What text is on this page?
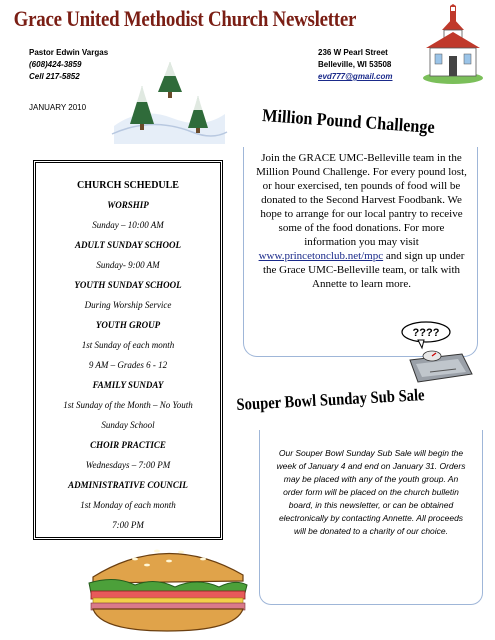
Grace United Methodist Church Newsletter
Pastor Edwin Vargas
(608)424-3859
Cell 217-5852
236 W Pearl Street
Belleville, WI 53508
evd777@gmail.com
JANUARY 2010
CHURCH SCHEDULE
WORSHIP
Sunday – 10:00 AM
ADULT SUNDAY SCHOOL
Sunday- 9:00 AM
YOUTH SUNDAY SCHOOL
During Worship Service
YOUTH GROUP
1st Sunday of each month
9 AM – Grades 6 - 12
FAMILY SUNDAY
1st Sunday of the Month – No Youth
Sunday School
CHOIR PRACTICE
Wednesdays – 7:00 PM
ADMINISTRATIVE COUNCIL
1st Monday of each month
7:00 PM
Million Pound Challenge
Join the GRACE UMC-Belleville team in the Million Pound Challenge. For every pound lost, or hour exercised, ten pounds of food will be donated to the Second Harvest Foodbank. We hope to arrange for our local pantry to receive some of the food donations. For more information you may visit www.princetonclub.net/mpc and sign up under the Grace UMC-Belleville team, or talk with Annette to learn more.
????
Souper Bowl Sunday Sub Sale
Our Souper Bowl Sunday Sub Sale will begin the week of January 4 and end on January 31. Orders may be placed with any of the youth group. An order form will be placed on the church bulletin board, in this newsletter, or can be obtained electronically by contacting Annette. All proceeds will be donated to a charity of our choice.
